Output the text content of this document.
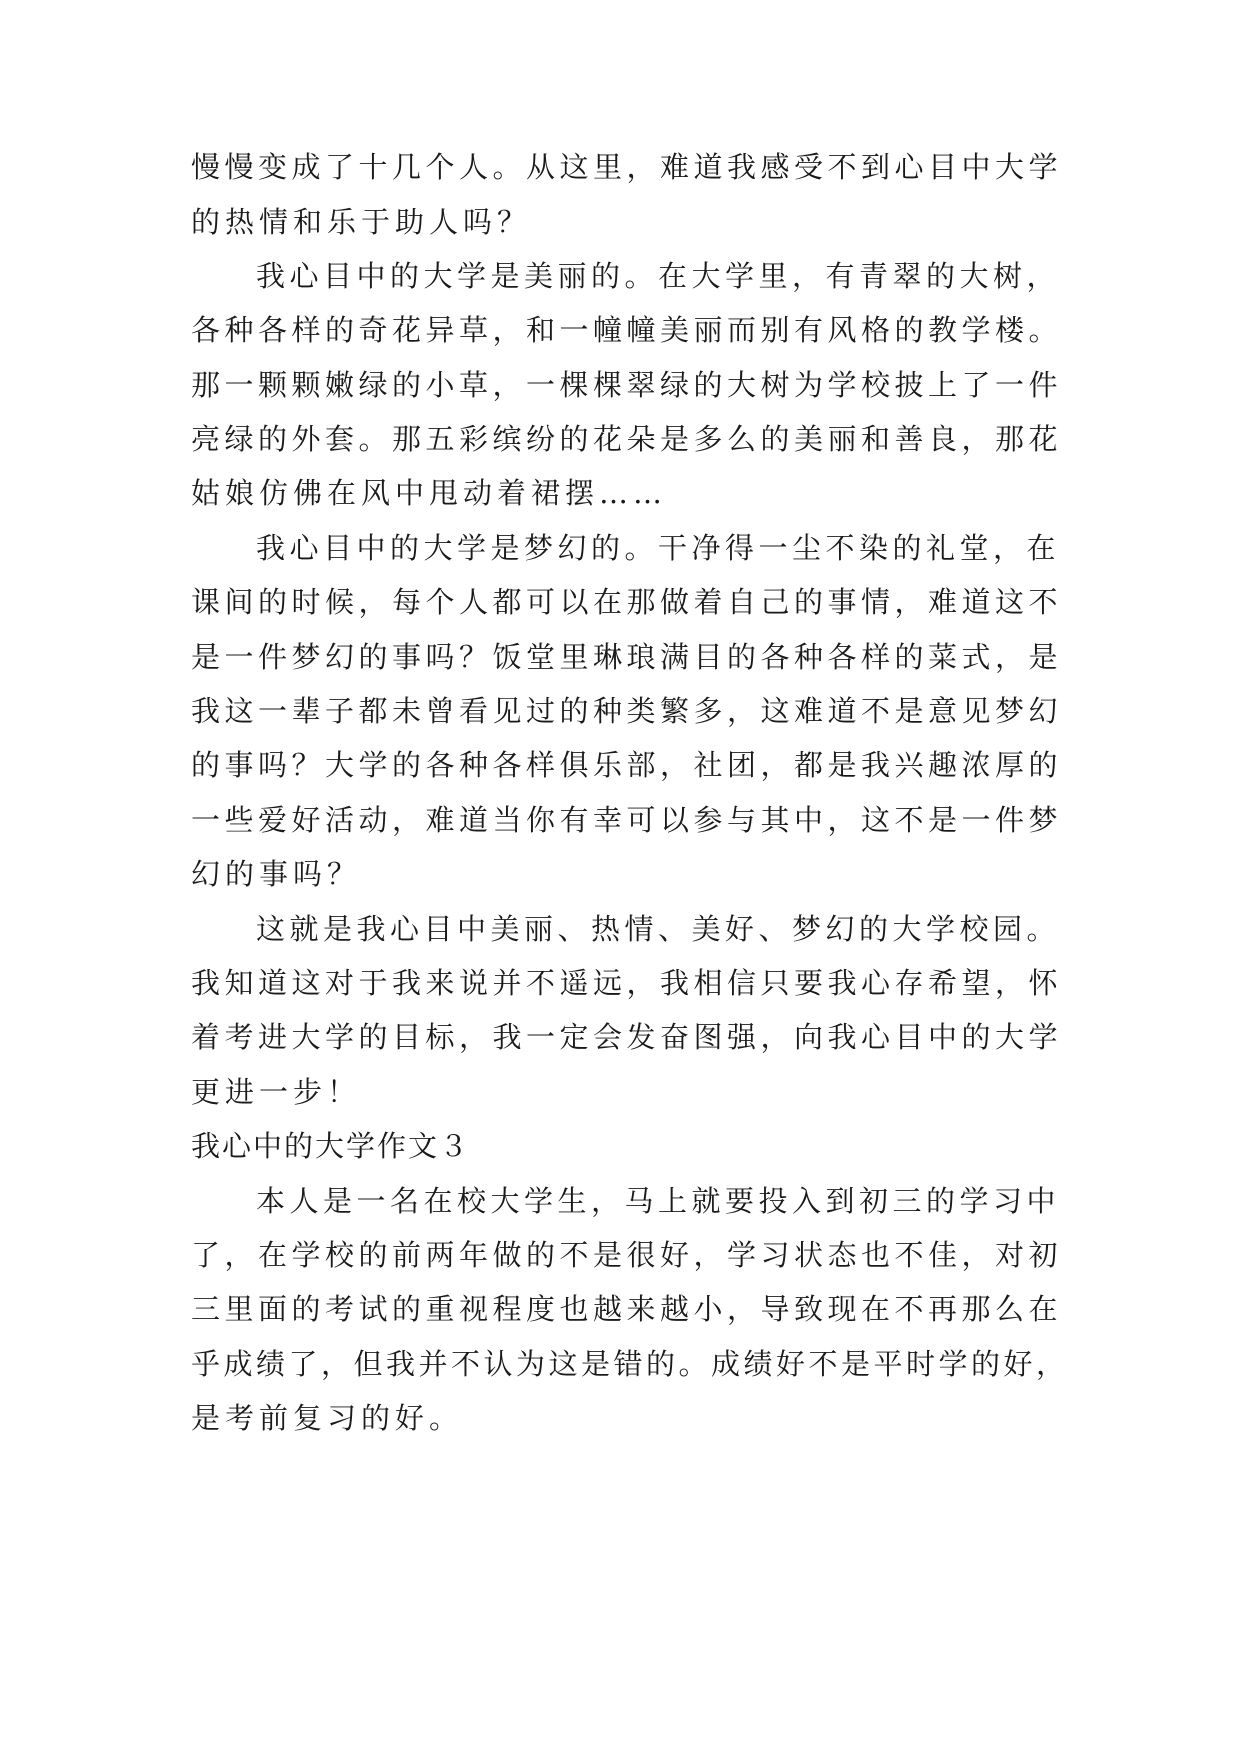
慢慢变成了十几个人。从这里，难道我感受不到心目中大学
的热情和乐于助人吗？
我心目中的大学是美丽的。在大学里，有青翠的大树，
各种各样的奇花异草，和一幢幢美丽而别有风格的教学楼。
那一颗颗嫩绿的小草，一棵棵翠绿的大树为学校披上了一件
亮绿的外套。那五彩缤纷的花朵是多么的美丽和善良，那花
姑娘仿佛在风中甩动着裙摆……
我心目中的大学是梦幻的。干净得一尘不染的礼堂，在
课间的时候，每个人都可以在那做着自己的事情，难道这不
是一件梦幻的事吗？饭堂里琳琅满目的各种各样的菜式，是
我这一辈子都未曾看见过的种类繁多，这难道不是意见梦幻
的事吗？大学的各种各样俱乐部，社团，都是我兴趣浓厚的
一些爱好活动，难道当你有幸可以参与其中，这不是一件梦
幻的事吗？
这就是我心目中美丽、热情、美好、梦幻的大学校园。
我知道这对于我来说并不遥远，我相信只要我心存希望，怀
着考进大学的目标，我一定会发奋图强，向我心目中的大学
更进一步！
我心中的大学作文３
本人是一名在校大学生，马上就要投入到初三的学习中
了，在学校的前两年做的不是很好，学习状态也不佳，对初
三里面的考试的重视程度也越来越小，导致现在不再那么在
乎成绩了，但我并不认为这是错的。成绩好不是平时学的好，
是考前复习的好。
